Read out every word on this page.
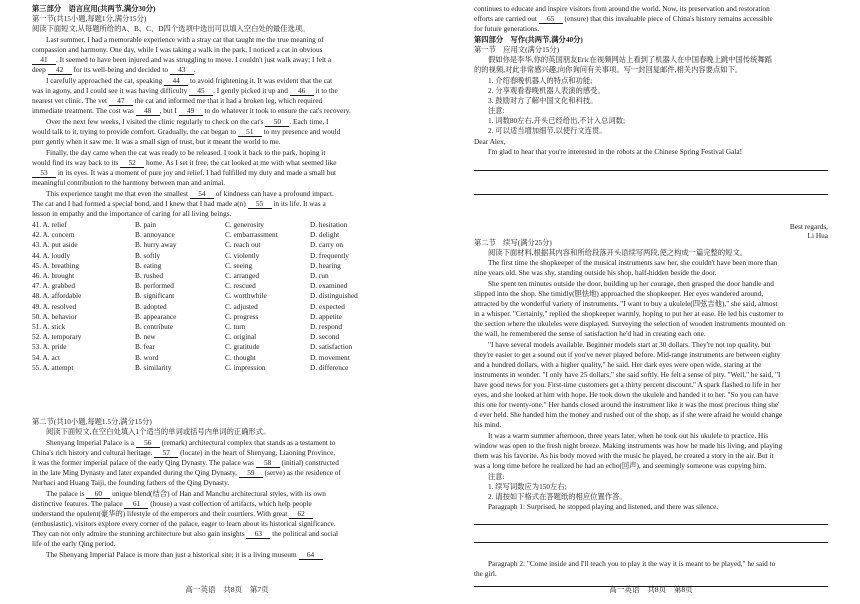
第三部分　语言应用(共两节,满分30分)
第一节(共15小题,每题1分,满分15分)
阅读下面短文,从每题所给的A、B、C、D四个选项中选出可以填入空白处的最佳选项。
Last summer, I had a memorable experience with a stray cat that taught me the true meaning of
compassion and harmony. One day, while I was taking a walk in the park, I noticed a cat in obvious
41 . It seemed to have been injured and was struggling to move. I couldn't just walk away; I felt a
deep 42 for its well-being and decided to 43 .
I carefully approached the cat, speaking 44 to avoid frightening it. It was evident that the cat
was in agony, and I could see it was having difficulty 45 . I gently picked it up and 46 it to the
nearest vet clinic. The vet 47 the cat and informed me that it had a broken leg, which required
immediate treatment. The cost was 48 , but I 49 to do whatever it took to ensure the cat's recovery.
Over the next few weeks, I visited the clinic regularly to check on the cat's 50 . Each time, I
would talk to it, trying to provide comfort. Gradually, the cat began to 51 to my presence and would
purr gently when it saw me. It was a small sign of trust, but it meant the world to me.
Finally, the day came when the cat was ready to be released. I took it back to the park, hoping it
would find its way back to its 52 home. As I set it free, the cat looked at me with what seemed like
53 in its eyes. It was a moment of pure joy and relief. I had fulfilled my duty and made a small but
meaningful contribution to the harmony between man and animal.
This experience taught me that even the smallest 54 of kindness can have a profound impact.
The cat and I had formed a special bond, and I knew that I had made a(n) 55 in its life. It was a
lesson in empathy and the importance of caring for all living beings.
第二节(共10小题,每题1.5分,满分15分)
阅读下面短文,在空白处填入1个适当的单词或括号内单词的正确形式。
Shenyang Imperial Palace is a 56 (remark) architectural complex that stands as a testament to
China's rich history and cultural heritage. 57 (locate) in the heart of Shenyang, Liaoning Province,
it was the former imperial palace of the early Qing Dynasty. The palace was 58 (initial) constructed
in the late Ming Dynasty and later expanded during the Qing Dynasty, 59 (serve) as the residence of
Nurhaci and Huang Taiji, the founding fathers of the Qing Dynasty.
The palace is 60 unique blend(结合) of Han and Manchu architectural styles, with its own
distinctive features. The palace 61 (house) a vast collection of artifacts, which help people
understand the opulent(豪华的) lifestyle of the emperors and their courtiers. With great 62
(enthusiastic), visitors explore every corner of the palace, eager to learn about its historical significance.
They can not only admire the stunning architecture but also gain insights 63 the political and social
life of the early Qing period.
The Shenyang Imperial Palace is more than just a historical site; it is a living museum 64
41. A. relief	B. pain	C. generosity	D. hesitation
42. A. concern	B. annoyance	C. embarrassment	D. delight
43. A. put aside	B. hurry away	C. reach out	D. carry on
44. A. loudly	B. softly	C. violently	D. frequently
45. A. breathing	B. eating	C. seeing	D. hearing
46. A. brought	B. rushed	C. arranged	D. run
47. A. grabbed	B. performed	C. rescued	D. examined
48. A. affordable	B. significant	C. worthwhile	D. distinguished
49. A. resolved	B. adopted	C. adjusted	D. expected
50. A. behavior	B. appearance	C. progress	D. appetite
51. A. stick	B. contribute	C. turn	D. respond
52. A. temporary	B. new	C. original	D. second
53. A. pride	B. fear	C. gratitude	D. satisfaction
54. A. act	B. word	C. thought	D. movement
55. A. attempt	B. similarity	C. impression	D. difference
高一英语　共8页　第7页
continues to educate and inspire visitors from around the world. Now, its preservation and restoration
efforts are carried out 65 (ensure) that this invaluable piece of China's history remains accessible
for future generations.
第四部分　写作(共两节,满分40分)
第一节　应用文(满分15分)
假如你是李华,你的英国朋友Eric在视频网站上看到了机器人在中国春晚上跳中国传统舞蹈
的的视频,对此非常感兴趣,向你询问有关事项。写一封回复邮件,相关内容要点如下。
1. 介绍春晚机器人的特点和功能;
2. 分享观看春晚机器人表演的感受。
3. 鼓励对方了解中国文化和科技。
注意:
1. 词数80左右,开头已经给出,不计入总词数;
2. 可以适当增加细节,以使行文连贯。
Dear Alex,
I'm glad to hear that you're interested in the robots at the Chinese Spring Festival Gala!
第二节　续写(满分25分)
阅读下面材料,根据其内容和所给段落开头语续写两段,使之构成一篇完整的短文。
The first time the shopkeeper of the musical instruments saw her, she couldn't have been more than
nine years old. She was shy, standing outside his shop, half-hidden beside the door.
She spent ten minutes outside the door, building up her courage, then grasped the door handle and
slipped into the shop. She timidly(胆怯地) approached the shopkeeper. Her eyes wandered around,
attracted by the wonderful variety of instruments. "I want to buy a ukulele(四弦吉他)," she said, almost
in a whisper. "Certainly," replied the shopkeeper warmly, hoping to put her at ease. He led his customer to
the section where the ukuleles were displayed. Surveying the selection of wooden instruments mounted on
the wall, he remembered the sense of satisfaction he'd had in creating each one.
"I have several models available. Beginner models start at 30 dollars. They're not top quality, but
they're easier to get a sound out if you've never played before. Mid-range instruments are between eighty
and a hundred dollars, with a higher quality," he said. Her dark eyes were open wide, staring at the
instruments in wonder. "I only have 25 dollars," she said softly. He felt a sense of pity. "Well," he said, "I
have good news for you. First-time customers get a thirty percent discount." A spark flashed to life in her
eyes, and she looked at him with hope. He took down the ukulele and handed it to her. "So you can have
this one for twenty-one." Her hands closed around the instrument like it was the most precious thing she'
d ever held. She handed him the money and rushed out of the shop, as if she were afraid he would change
his mind.
It was a warm summer afternoon, three years later, when he took out his ukulele to practice. His
window was open to the fresh night breeze. Making instruments was how he made his living, and playing
them was his favorite. As his body moved with the music he played, he created a story in the air. But it
was a long time before he realized he had an echo(回声), and seemingly someone was copying him.
注意:
1. 续写词数应为150左右;
2. 请按如下格式在答题纸的相应位置作答。
Paragraph 1: Surprised, he stopped playing and listened, and there was silence.
Paragraph 2: "Come inside and I'll teach you to play it the way it is meant to be played," he said to
the girl.
Best regards,
Li Hua
高一英语　共8页　第8页
